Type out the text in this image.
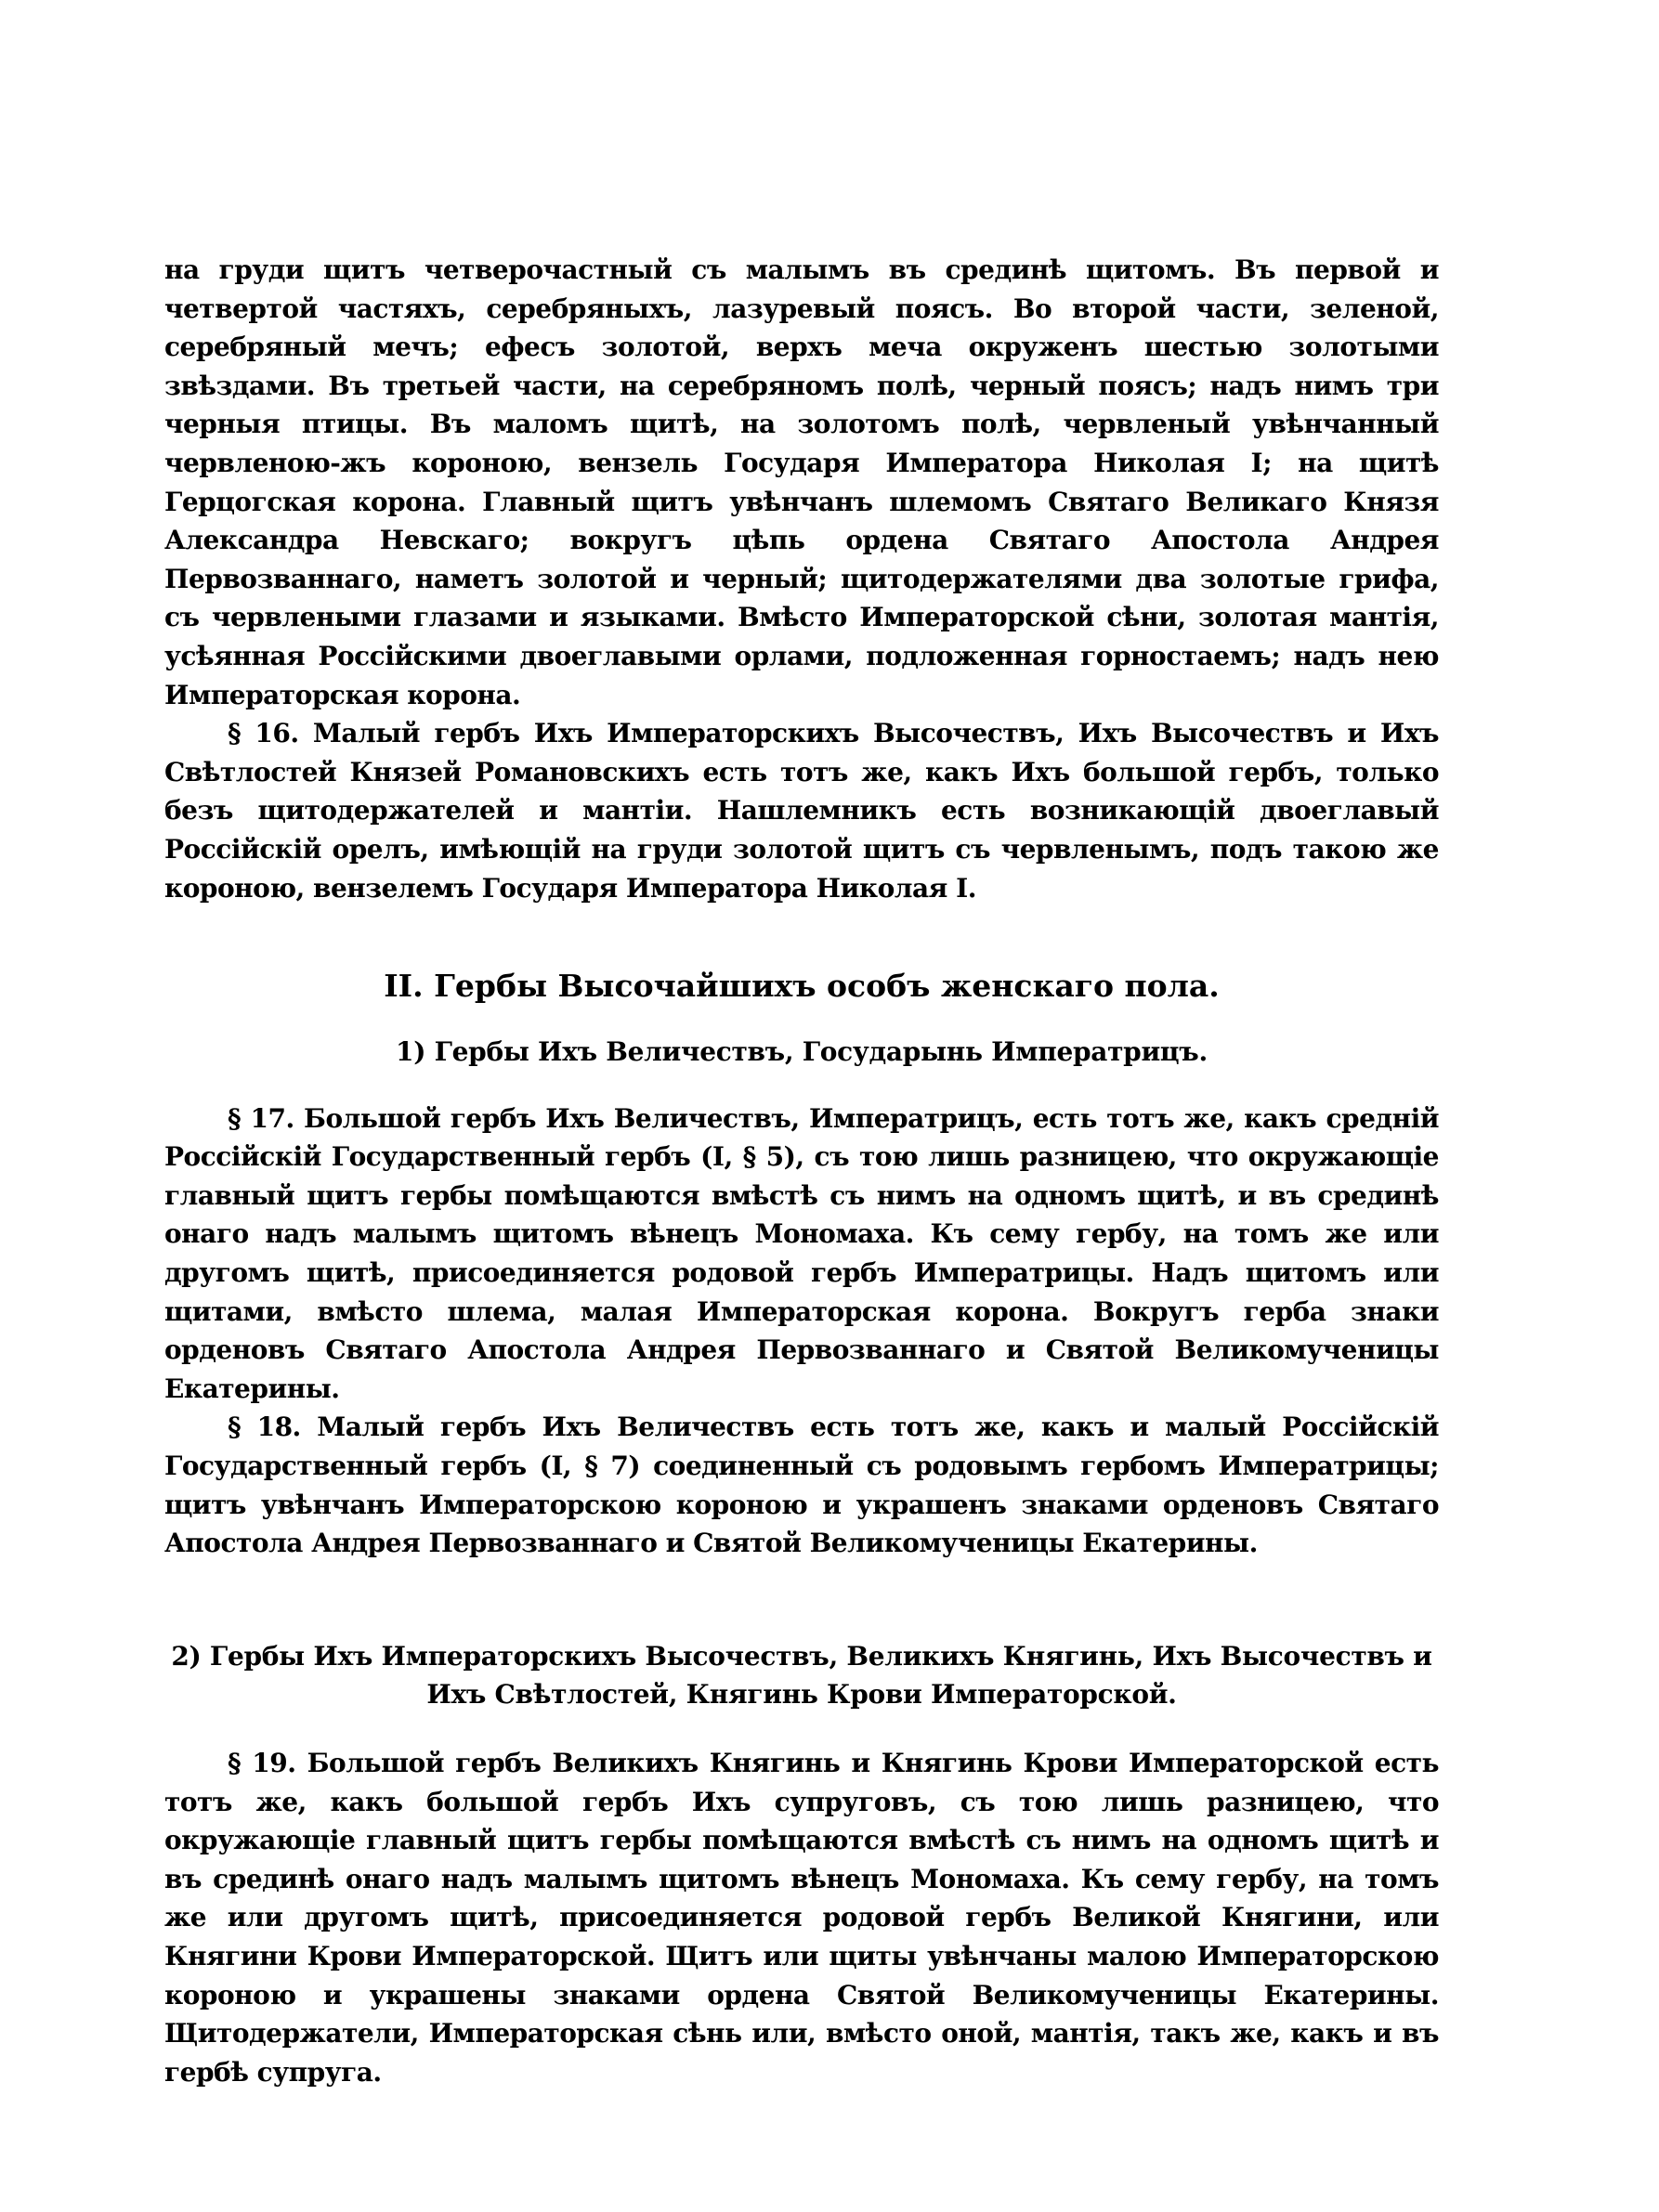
на груди щитъ четверочастный съ малымъ въ срединѣ щитомъ. Въ первой и четвертой частяхъ, серебряныхъ, лазуревый поясъ. Во второй части, зеленой, серебряный мечъ; ефесъ золотой, верхъ меча окруженъ шестью золотыми звѣздами. Въ третьей части, на серебряномъ полѣ, черный поясъ; надъ нимъ три черныя птицы. Въ маломъ щитѣ, на золотомъ полѣ, червленый увѣнчанный червленою-жъ короною, вензель Государя Императора Николая I; на щитѣ Герцогская корона. Главный щитъ увѣнчанъ шлемомъ Святаго Великаго Князя Александра Невскаго; вокругъ цѣпь ордена Святаго Апостола Андрея Первозваннаго, наметъ золотой и черный; щитодержателями два золотые грифа, съ червлеными глазами и языками. Вмѣсто Императорской сѣни, золотая мантія, усѣянная Россійскими двоеглавыми орлами, подложенная горностаемъ; надъ нею Императорская корона.

§ 16. Малый гербъ Ихъ Императорскихъ Высочествъ, Ихъ Высочествъ и Ихъ Свѣтлостей Князей Романовскихъ есть тотъ же, какъ Ихъ большой гербъ, только безъ щитодержателей и мантіи. Нашлемникъ есть возникающій двоеглавый Россійскій орелъ, имѣющій на груди золотой щитъ съ червленымъ, подъ такою же короною, вензелемъ Государя Императора Николая I.

II. Гербы Высочайшихъ особъ женскаго пола.
1) Гербы Ихъ Величествъ, Государынь Императрицъ.

§ 17. Большой гербъ Ихъ Величествъ, Императрицъ, есть тотъ же, какъ средній Россійскій Государственный гербъ (I, § 5), съ тою лишь разницею, что окружающіе главный щитъ гербы помѣщаются вмѣстѣ съ нимъ на одномъ щитѣ, и въ срединѣ онаго надъ малымъ щитомъ вѣнецъ Мономаха. Къ сему гербу, на томъ же или другомъ щитѣ, присоединяется родовой гербъ Императрицы. Надъ щитомъ или щитами, вмѣсто шлема, малая Императорская корона. Вокругъ герба знаки орденовъ Святаго Апостола Андрея Первозваннаго и Святой Великомученицы Екатерины.

§ 18. Малый гербъ Ихъ Величествъ есть тотъ же, какъ и малый Россійскій Государственный гербъ (I, § 7) соединенный съ родовымъ гербомъ Императрицы; щитъ увѣнчанъ Императорскою короною и украшенъ знаками орденовъ Святаго Апостола Андрея Первозваннаго и Святой Великомученицы Екатерины.

2) Гербы Ихъ Императорскихъ Высочествъ, Великихъ Княгинь, Ихъ Высочествъ и
Ихъ Свѣтлостей, Княгинь Крови Императорской.

§ 19. Большой гербъ Великихъ Княгинь и Княгинь Крови Императорской есть тотъ же, какъ большой гербъ Ихъ супруговъ, съ тою лишь разницею, что окружающіе главный щитъ гербы помѣщаются вмѣстѣ съ нимъ на одномъ щитѣ и въ срединѣ онаго надъ малымъ щитомъ вѣнецъ Мономаха. Къ сему гербу, на томъ же или другомъ щитѣ, присоединяется родовой гербъ Великой Княгини, или Княгини Крови Императорской. Щитъ или щиты увѣнчаны малою Императорскою короною и украшены знаками ордена Святой Великомученицы Екатерины. Щитодержатели, Императорская сѣнь или, вмѣсто оной, мантія, такъ же, какъ и въ гербѣ супруга.
